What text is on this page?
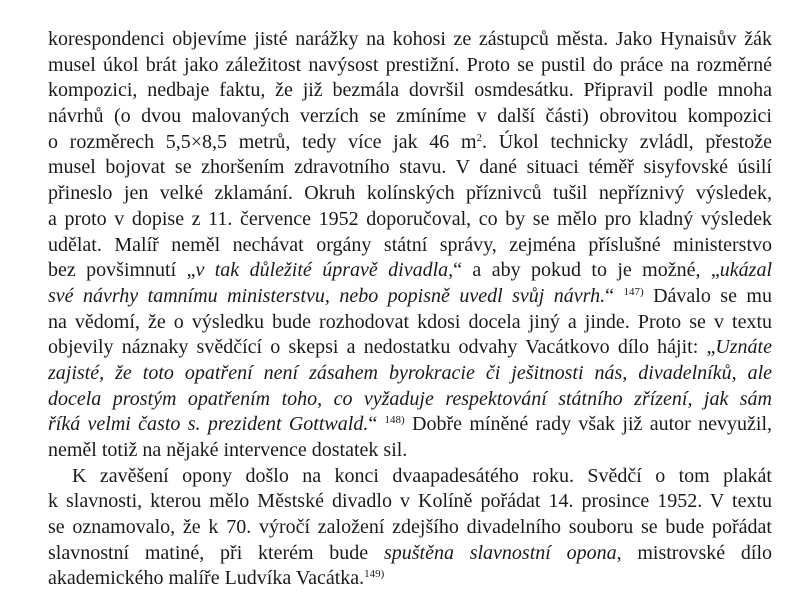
korespondenci objevíme jisté narážky na kohosi ze zástupců města. Jako Hynaisův žák
musel úkol brát jako záležitost navýsost prestižní. Proto se pustil do práce na rozměrné
kompozici, nedbaje faktu, že již bezmála dovršil osmdesátku. Připravil podle mnoha
návrhů (o dvou malovaných verzích se zmíníme v další části) obrovitou kompozici
o rozměrech 5,5×8,5 metrů, tedy více jak 46 $m^2$. Úkol technicky zvládl, přestože
musel bojovat se zhoršením zdravotního stavu. V dané situaci téměř sisyfovské úsilí
přineslo jen velké zklamání. Okruh kolínských příznivců tušil nepříznivý výsledek,
a proto v dopise z 11. července 1952 doporučoval, co by se mělo pro kladný výsledek
udělat. Malíř neměl nechávat orgány státní správy, zejména příslušné ministerstvo
bez povšimnutí „v tak důležité úpravě divadla,“ a aby pokud to je možné, „ukázal
své návrhy tamnímu ministerstvu, nebo popisně uvedl svůj návrh.“ $^{147)}$ Dávalo se mu
na vědomí, že o výsledku bude rozhodovat kdosi docela jiný a jinde. Proto se v textu
objevily náznaky svědčící o skepsi a nedostatku odvahy Vacátkovo dílo hájit: „Uznáte
zajisté, že toto opatření není zásahem byrokracie či ješitnosti nás, divadelníků, ale
docela prostým opatřením toho, co vyžaduje respektování státního zřízení, jak sám
říká velmi často s. prezident Gottwald.“ $^{148)}$ Dobře míněné rady však již autor nevyužil,
neměl totiž na nějaké intervence dostatek sil.
K zavěšení opony došlo na konci dvaapadesátého roku. Svědčí o tom plakát
k slavnosti, kterou mělo Městské divadlo v Kolíně pořádat 14. prosince 1952. V textu
se oznamovalo, že k 70. výročí založení zdejšího divadelního souboru se bude pořádat
slavnostní matiné, při kterém bude spuštěna slavnostní opona, mistrovské dílo
akademického malíře Ludvíka Vacátka.$^{149)}$
